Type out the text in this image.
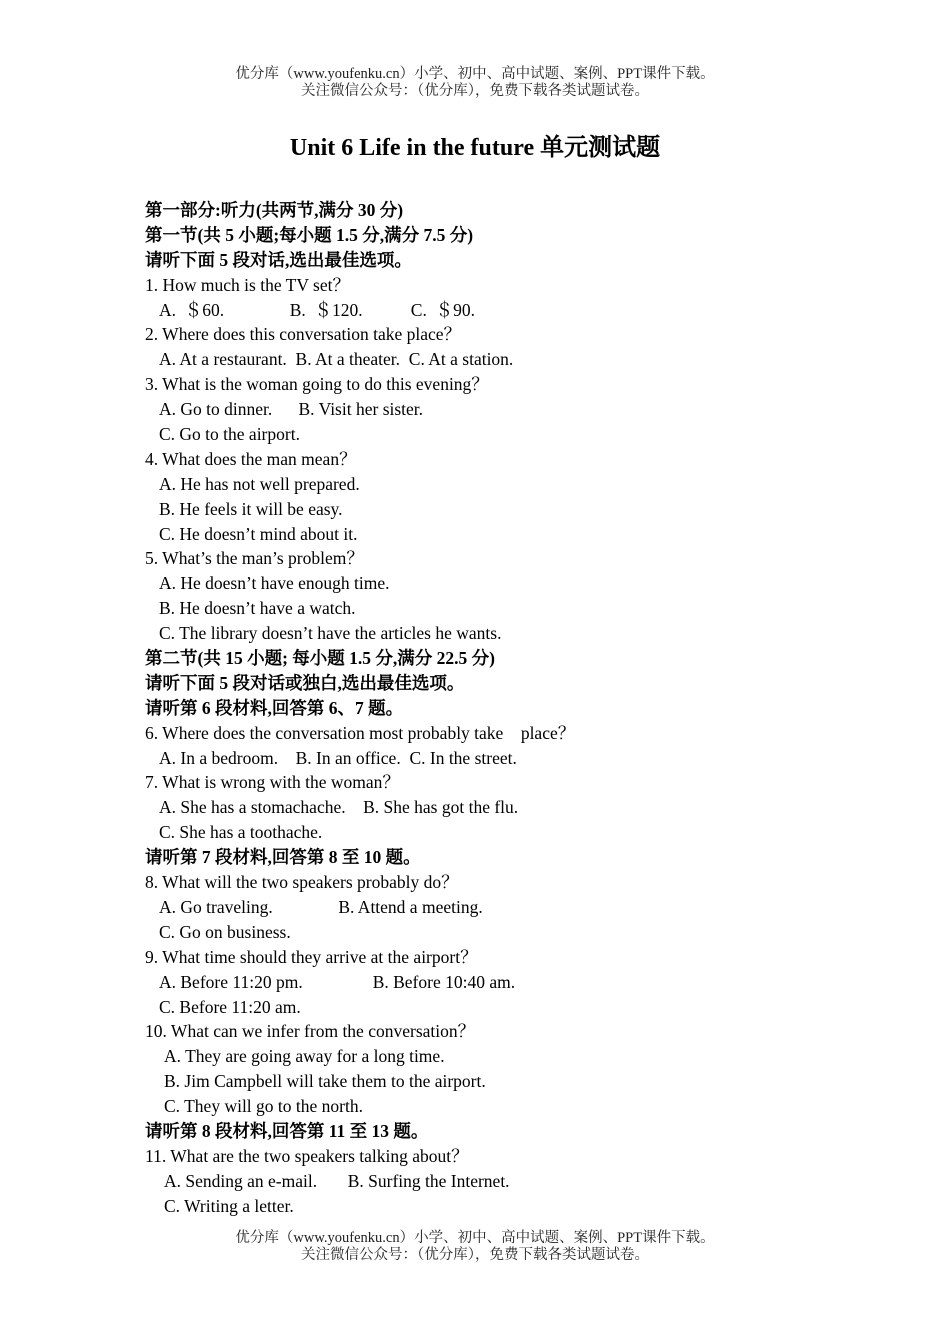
优分库（www.youfenku.cn）小学、初中、高中试题、案例、PPT课件下载。
关注微信公众号：（优分库），免费下载各类试题试卷。
Unit 6 Life in the future 单元测试题
第一部分:听力(共两节,满分 30 分)
第一节(共 5 小题;每小题 1.5 分,满分 7.5 分)
请听下面 5 段对话,选出最佳选项。
1. How much is the TV set？
A.  ＄60.               B.  ＄120.           C.  ＄90.
2. Where does this conversation take place？
A. At a restaurant.  B. At a theater.  C. At a station.
3. What is the woman going to do this evening？
A. Go to dinner.      B. Visit her sister.
C. Go to the airport.
4. What does the man mean？
A. He has not well prepared.
B. He feels it will be easy.
C. He doesn’t mind about it.
5. What’s the man’s problem？
A. He doesn’t have enough time.
B. He doesn’t have a watch.
C. The library doesn’t have the articles he wants.
第二节(共 15 小题; 每小题 1.5 分,满分 22.5 分)
请听下面 5 段对话或独白,选出最佳选项。
请听第 6 段材料,回答第 6、7 题。
6. Where does the conversation most probably take    place？
A. In a bedroom.    B. In an office.  C. In the street.
7. What is wrong with the woman？
A. She has a stomachache.    B. She has got the flu.
C. She has a toothache.
请听第 7 段材料,回答第 8 至 10 题。
8. What will the two speakers probably do？
A. Go traveling.               B. Attend a meeting.
C. Go on business.
9. What time should they arrive at the airport？
A. Before 11:20 pm.                B. Before 10:40 am.
C. Before 11:20 am.
10. What can we infer from the conversation？
A. They are going away for a long time.
B. Jim Campbell will take them to the airport.
C. They will go to the north.
请听第 8 段材料,回答第 11 至 13 题。
11. What are the two speakers talking about？
A. Sending an e-mail.       B. Surfing the Internet.
C. Writing a letter.
优分库（www.youfenku.cn）小学、初中、高中试题、案例、PPT课件下载。
关注微信公众号：（优分库），免费下载各类试题试卷。
